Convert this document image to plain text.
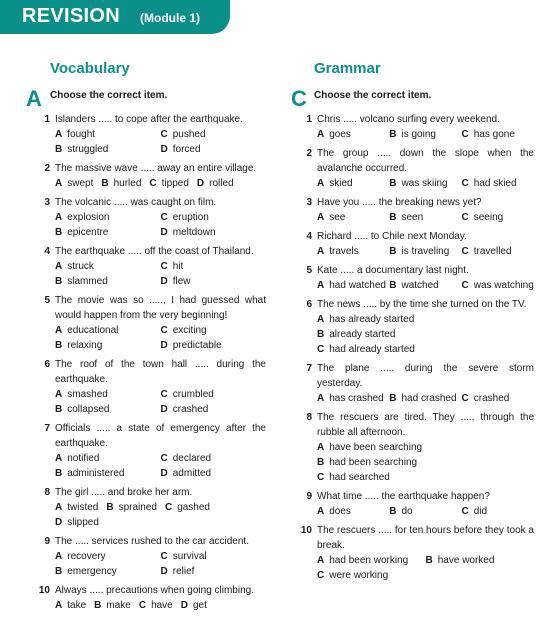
REVISION (Module 1)
Vocabulary	Grammar
A Choose the correct item.	C Choose the correct item.
1 Islanders ..... to cope after the earthquake.
A fought	C pushed
B struggled	D forced
2 The massive wave ..... away an entire village.
A swept B hurled C tipped D rolled
3 The volcanic ..... was caught on film.
A explosion	C eruption
B epicentre	D meltdown
4 The earthquake ..... off the coast of Thailand.
A struck	C hit
B slammed	D flew
5 The movie was so ....., I had guessed what would happen from the very beginning!
A educational	C exciting
B relaxing	D predictable
6 The roof of the town hall ..... during the earthquake.
A smashed	C crumbled
B collapsed	D crashed
7 Officials ..... a state of emergency after the earthquake.
A notified	C declared
B administered	D admitted
8 The girl ..... and broke her arm.
A twisted B sprained C gashed
D slipped
9 The ..... services rushed to the car accident.
A recovery	C survival
B emergency	D relief
10 Always ..... precautions when going climbing.
A take B make C have D get
1 Chris ..... volcano surfing every weekend.
A goes	B is going	C has gone
2 The group ..... down the slope when the avalanche occurred.
A skied	B was skiing C had skied
3 Have you ..... the breaking news yet?
A see	B seen	C seeing
4 Richard ..... to Chile next Monday.
A travels	B is traveling C travelled
5 Kate ..... a documentary last night.
A had watched B watched C was watching
6 The news ..... by the time she turned on the TV.
A has already started
B already started
C had already started
7 The plane ..... during the severe storm yesterday.
A has crashed B had crashed C crashed
8 The rescuers are tired. They ..... through the rubble all afternoon.
A have been searching
B had been searching
C had searched
9 What time ..... the earthquake happen?
A does	B do	C did
10 The rescuers ..... for ten hours before they took a break.
A had been working B have worked
C were working
